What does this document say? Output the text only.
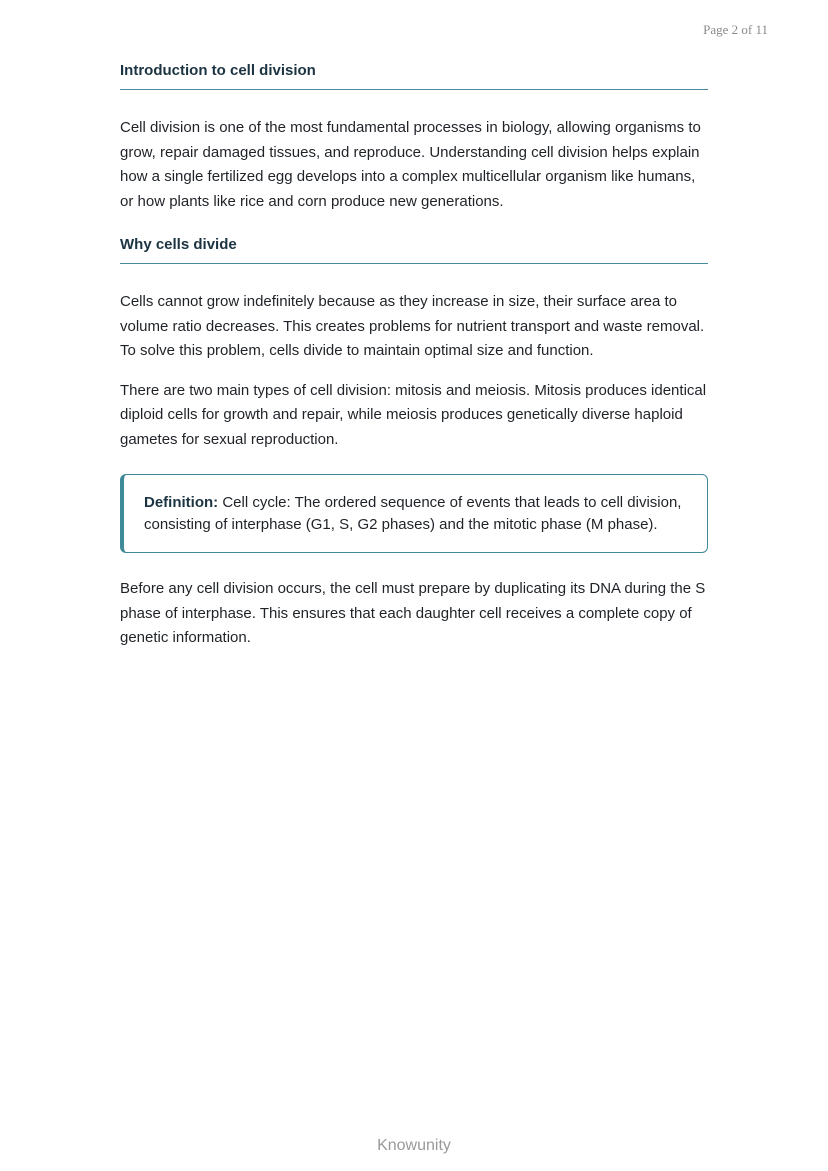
Page 2 of 11
Introduction to cell division

Cell division is one of the most fundamental processes in biology, allowing organisms to grow, repair damaged tissues, and reproduce. Understanding cell division helps explain how a single fertilized egg develops into a complex multicellular organism like humans, or how plants like rice and corn produce new generations.

Why cells divide

Cells cannot grow indefinitely because as they increase in size, their surface area to volume ratio decreases. This creates problems for nutrient transport and waste removal. To solve this problem, cells divide to maintain optimal size and function.

There are two main types of cell division: mitosis and meiosis. Mitosis produces identical diploid cells for growth and repair, while meiosis produces genetically diverse haploid gametes for sexual reproduction.

Definition: Cell cycle: The ordered sequence of events that leads to cell division, consisting of interphase (G1, S, G2 phases) and the mitotic phase (M phase).

Before any cell division occurs, the cell must prepare by duplicating its DNA during the S phase of interphase. This ensures that each daughter cell receives a complete copy of genetic information.

Knowunity
